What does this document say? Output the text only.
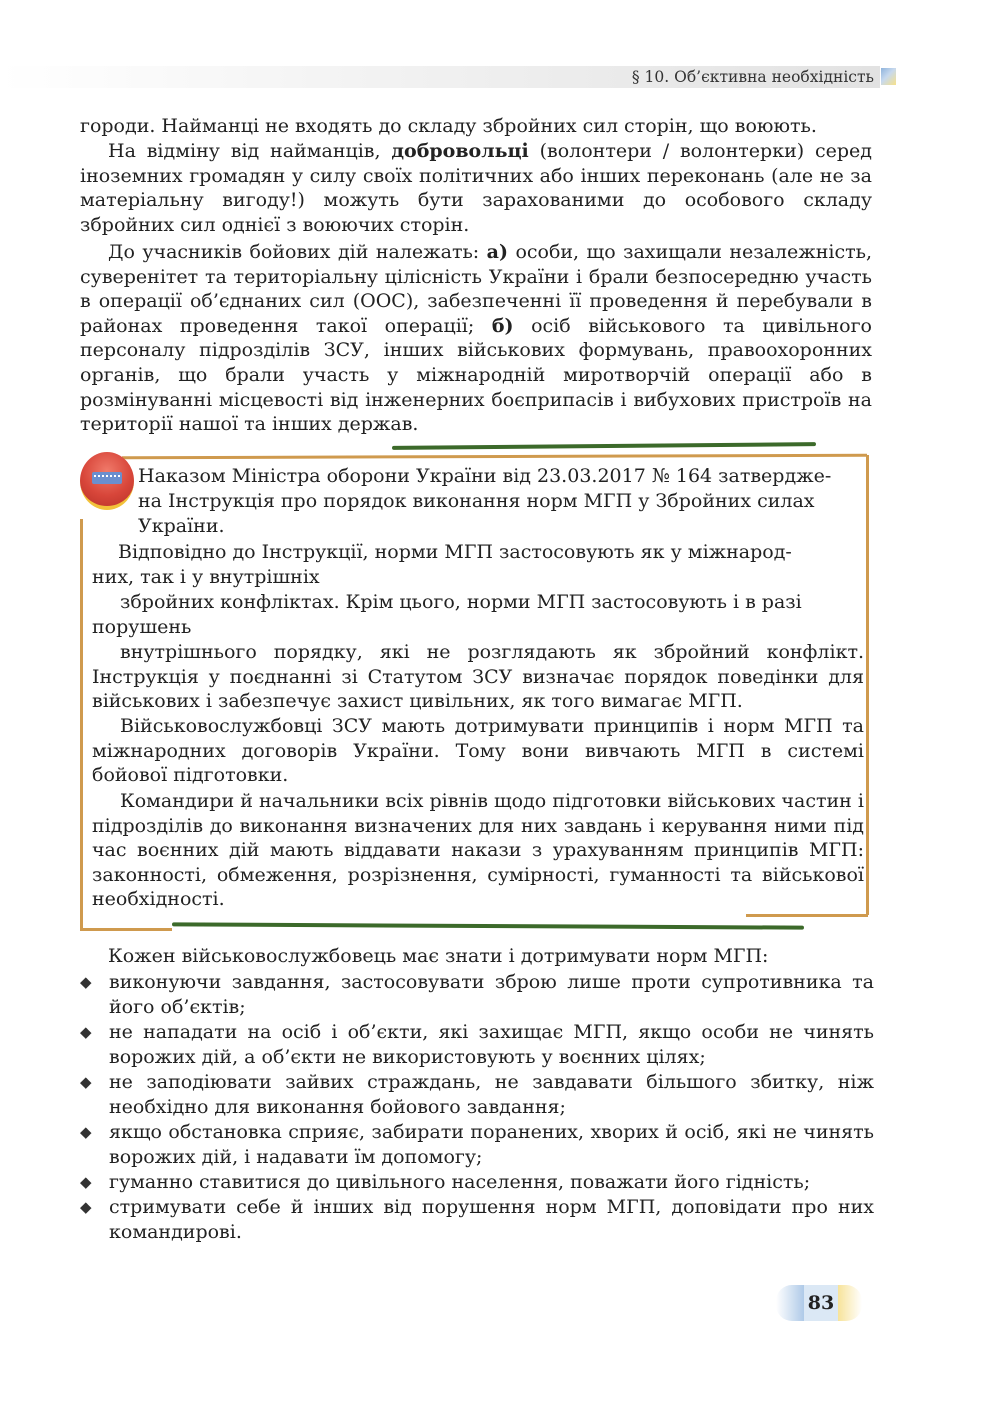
§ 10. Об’єктивна необхідність

городи. Найманці не входять до складу збройних сил сторін, що воюють.

На відміну від найманців, добровольці (волонтери / волонтерки) серед іноземних громадян у силу своїх політичних або інших переконань (але не за матеріальну вигоду!) можуть бути зарахованими до особового складу збройних сил однієї з воюючих сторін.

До учасників бойових дій належать: а) особи, що захищали незалежність, суверенітет та територіальну цілісність України і брали безпосередню участь в операції об’єднаних сил (ООС), забезпеченні її проведення й перебували в районах проведення такої операції; б) осіб військового та цивільного персоналу підрозділів ЗСУ, інших військових формувань, правоохоронних органів, що брали участь у міжнародній миротворчій операції або в розмінуванні місцевості від інженерних боєприпасів і вибухових пристроїв на території нашої та інших держав.

Наказом Міністра оборони України від 23.03.2017 № 164 затвердже-

на Інструкція про порядок виконання норм МГП у Збройних силах

України.

Відповідно до Інструкції, норми МГП застосовують як у міжнарод-

них, так і у внутрішніх

збройних конфліктах. Крім цього, норми МГП застосовують і в разі

порушень

внутрішнього порядку, які не розглядають як збройний конфлікт. Інструкція у поєднанні зі Статутом ЗСУ визначає порядок поведінки для військових і забезпечує захист цивільних, як того вимагає МГП.

Військовослужбовці ЗСУ мають дотримувати принципів і норм МГП та міжнародних договорів України. Тому вони вивчають МГП в системі бойової підготовки.

Командири й начальники всіх рівнів щодо підготовки військових частин і підрозділів до виконання визначених для них завдань і керування ними під час воєнних дій мають віддавати накази з урахуванням принципів МГП: законності, обмеження, розрізнення, сумірності, гуманності та військової необхідності.

Кожен військовослужбовець має знати і дотримувати норм МГП:

◆ виконуючи завдання, застосовувати зброю лише проти супротивника та його об’єктів;
◆ не нападати на осіб і об’єкти, які захищає МГП, якщо особи не чинять ворожих дій, а об’єкти не використовують у воєнних цілях;
◆ не заподіювати зайвих страждань, не завдавати більшого збитку, ніж необхідно для виконання бойового завдання;
◆ якщо обстановка сприяє, забирати поранених, хворих й осіб, які не чинять ворожих дій, і надавати їм допомогу;
◆ гуманно ставитися до цивільного населення, поважати його гідність;
◆ стримувати себе й інших від порушення норм МГП, доповідати про них командирові.
83
